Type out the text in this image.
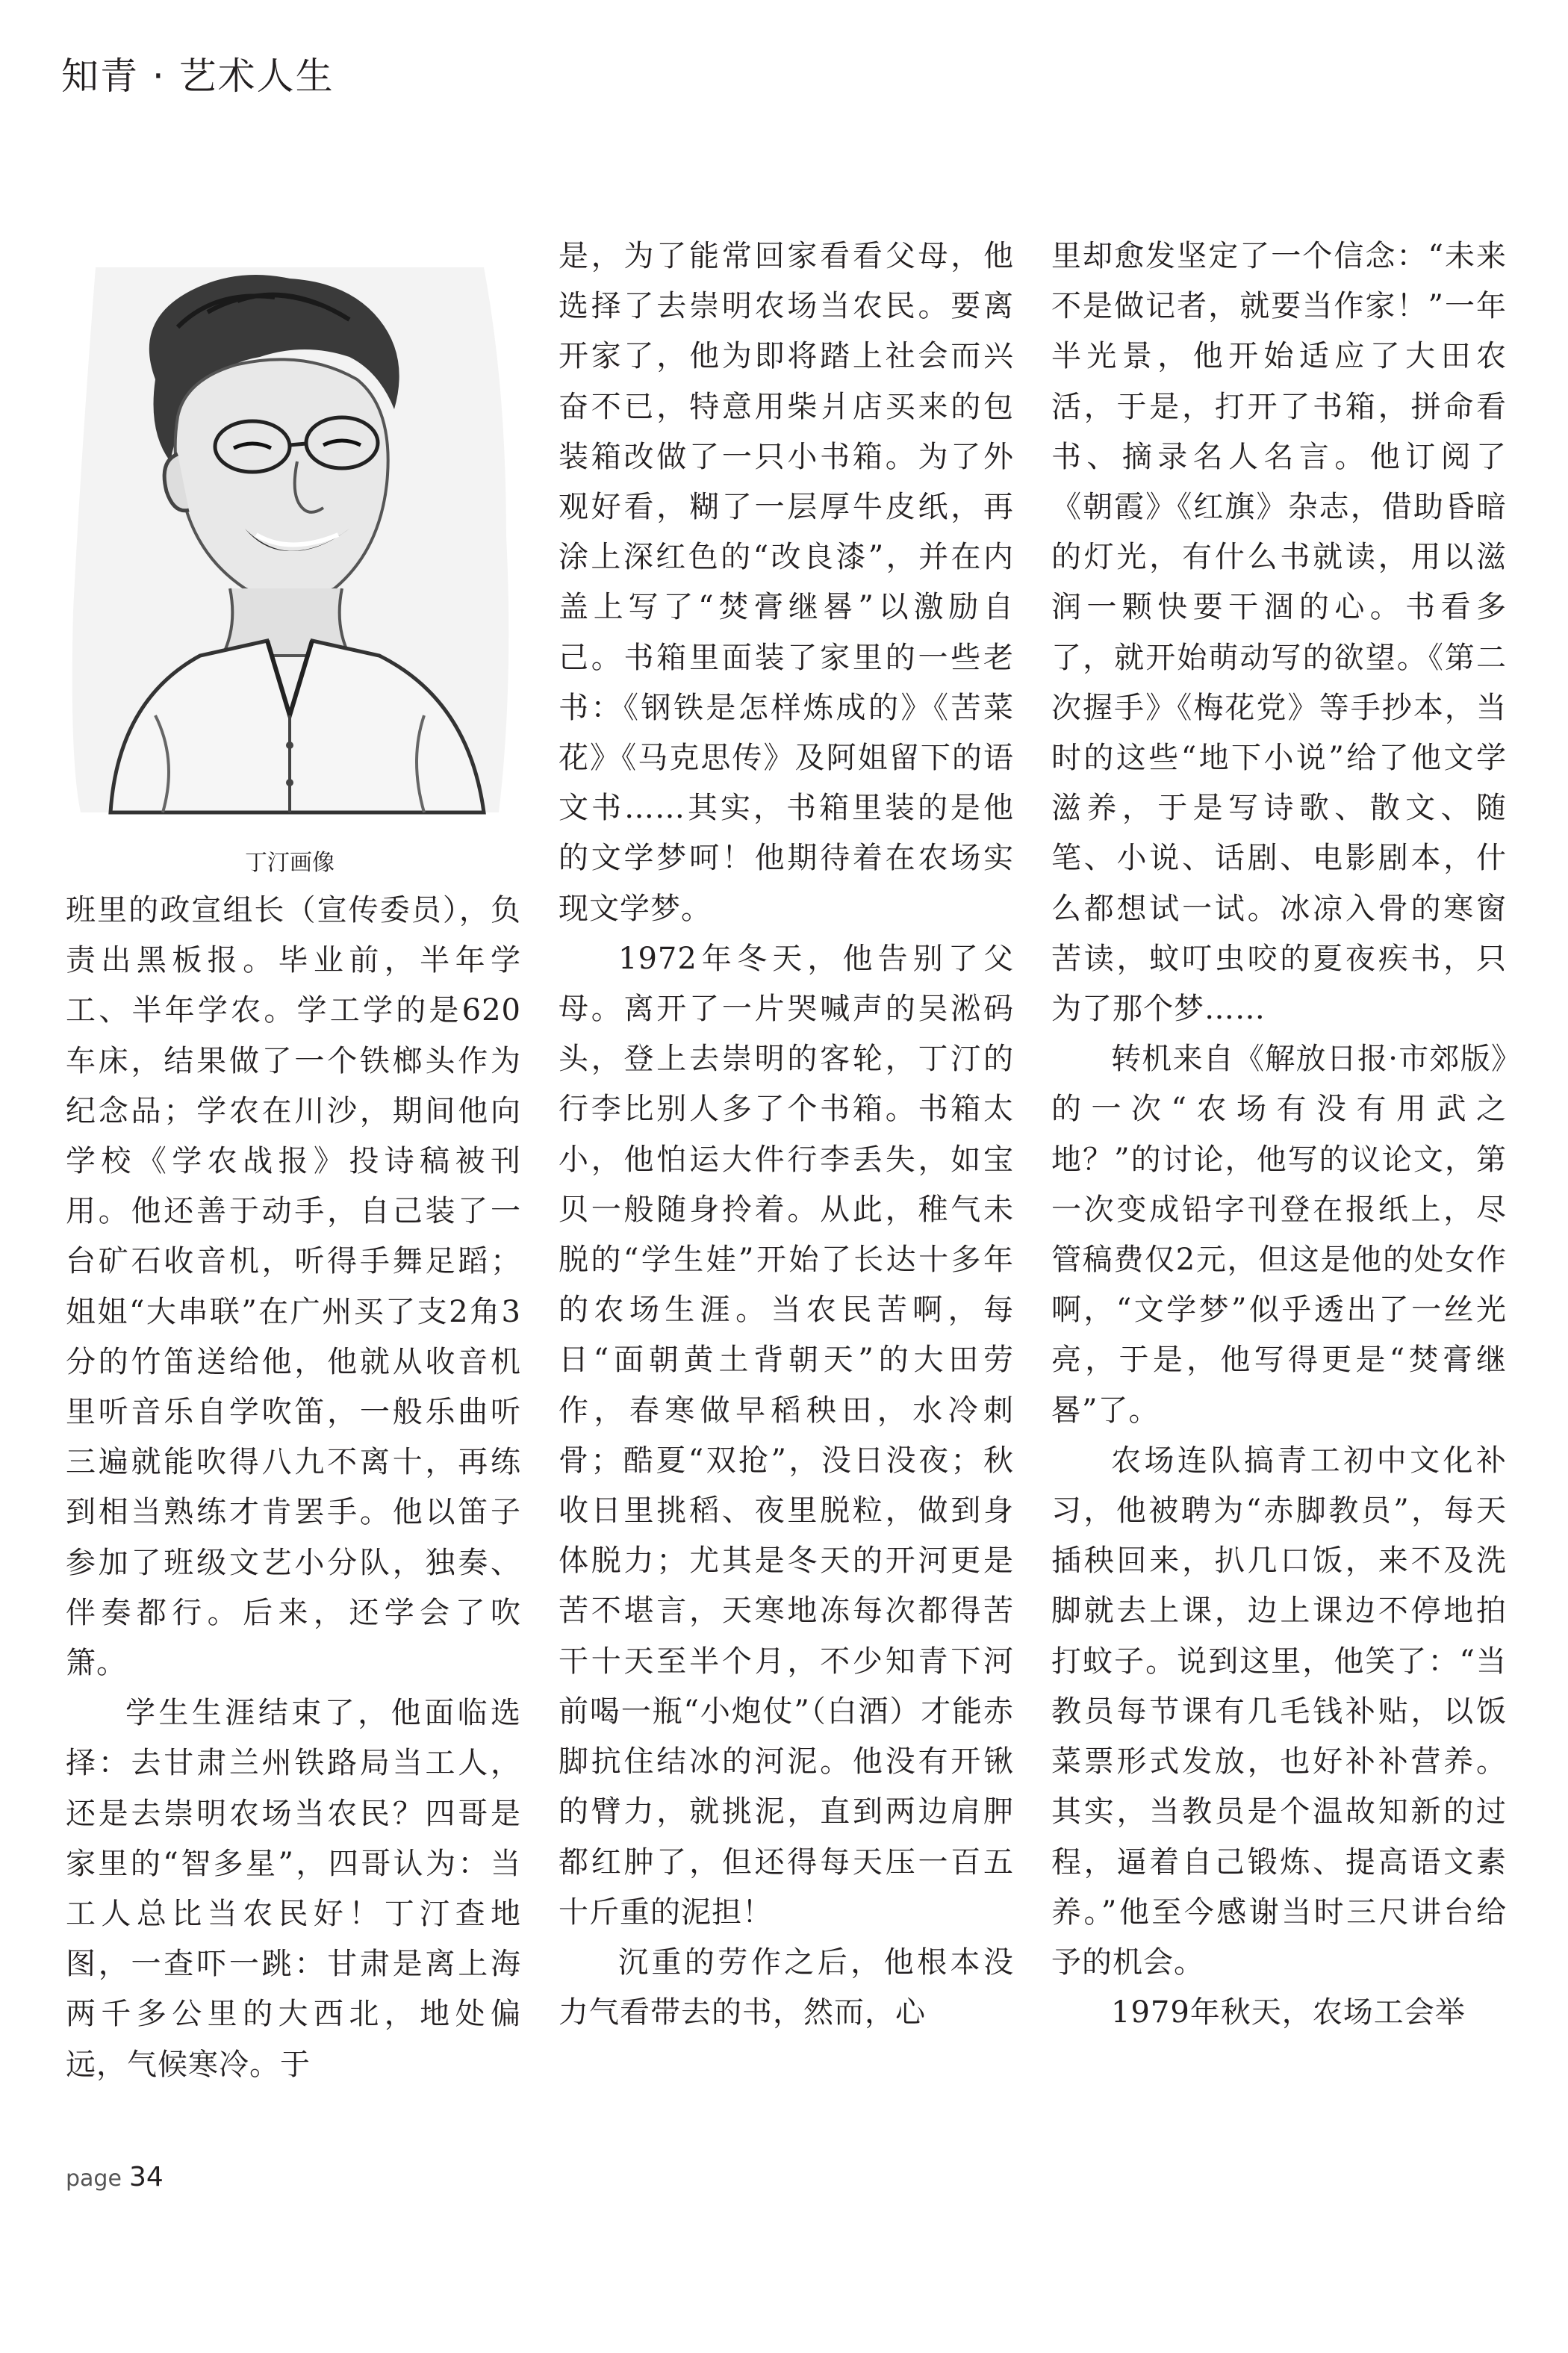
知青 · 艺术人生
丁汀画像

班里的政宣组长（宣传委员），负责出黑板报。毕业前，半年学工、半年学农。学工学的是620车床，结果做了一个铁榔头作为纪念品；学农在川沙，期间他向学校《学农战报》投诗稿被刊用。他还善于动手，自己装了一台矿石收音机，听得手舞足蹈；姐姐“大串联”在广州买了支2角3分的竹笛送给他，他就从收音机里听音乐自学吹笛，一般乐曲听三遍就能吹得八九不离十，再练到相当熟练才肯罢手。他以笛子参加了班级文艺小分队，独奏、伴奏都行。后来，还学会了吹箫。

学生生涯结束了，他面临选择：去甘肃兰州铁路局当工人，还是去崇明农场当农民？四哥是家里的“智多星”，四哥认为：当工人总比当农民好！丁汀查地图，一查吓一跳：甘肃是离上海两千多公里的大西北，地处偏远，气候寒冷。于

是，为了能常回家看看父母，他选择了去崇明农场当农民。要离开家了，他为即将踏上社会而兴奋不已，特意用柴爿店买来的包装箱改做了一只小书箱。为了外观好看，糊了一层厚牛皮纸，再涂上深红色的“改良漆”，并在内盖上写了“焚膏继晷”以激励自己。书箱里面装了家里的一些老书：《钢铁是怎样炼成的》《苦菜花》《马克思传》及阿姐留下的语文书……其实，书箱里装的是他的文学梦呵！他期待着在农场实现文学梦。

1972年冬天，他告别了父母。离开了一片哭喊声的吴淞码头，登上去崇明的客轮，丁汀的行李比别人多了个书箱。书箱太小，他怕运大件行李丢失，如宝贝一般随身拎着。从此，稚气未脱的“学生娃”开始了长达十多年的农场生涯。当农民苦啊，每日“面朝黄土背朝天”的大田劳作，春寒做早稻秧田，水冷刺骨；酷夏“双抢”，没日没夜；秋收日里挑稻、夜里脱粒，做到身体脱力；尤其是冬天的开河更是苦不堪言，天寒地冻每次都得苦干十天至半个月，不少知青下河前喝一瓶“小炮仗”（白酒）才能赤脚抗住结冰的河泥。他没有开锹的臂力，就挑泥，直到两边肩胛都红肿了，但还得每天压一百五十斤重的泥担！

沉重的劳作之后，他根本没力气看带去的书，然而，心

里却愈发坚定了一个信念：“未来不是做记者，就要当作家！”一年半光景，他开始适应了大田农活，于是，打开了书箱，拼命看书、摘录名人名言。他订阅了《朝霞》《红旗》杂志，借助昏暗的灯光，有什么书就读，用以滋润一颗快要干涸的心。书看多了，就开始萌动写的欲望。《第二次握手》《梅花党》等手抄本，当时的这些“地下小说”给了他文学滋养，于是写诗歌、散文、随笔、小说、话剧、电影剧本，什么都想试一试。冰凉入骨的寒窗苦读，蚊叮虫咬的夏夜疾书，只为了那个梦……

转机来自《解放日报·市郊版》的一次“农场有没有用武之地？”的讨论，他写的议论文，第一次变成铅字刊登在报纸上，尽管稿费仅2元，但这是他的处女作啊，“文学梦”似乎透出了一丝光亮，于是，他写得更是“焚膏继晷”了。

农场连队搞青工初中文化补习，他被聘为“赤脚教员”，每天插秧回来，扒几口饭，来不及洗脚就去上课，边上课边不停地拍打蚊子。说到这里，他笑了：“当教员每节课有几毛钱补贴，以饭菜票形式发放，也好补补营养。其实，当教员是个温故知新的过程，逼着自己锻炼、提高语文素养。”他至今感谢当时三尺讲台给予的机会。

1979年秋天，农场工会举

page 34
